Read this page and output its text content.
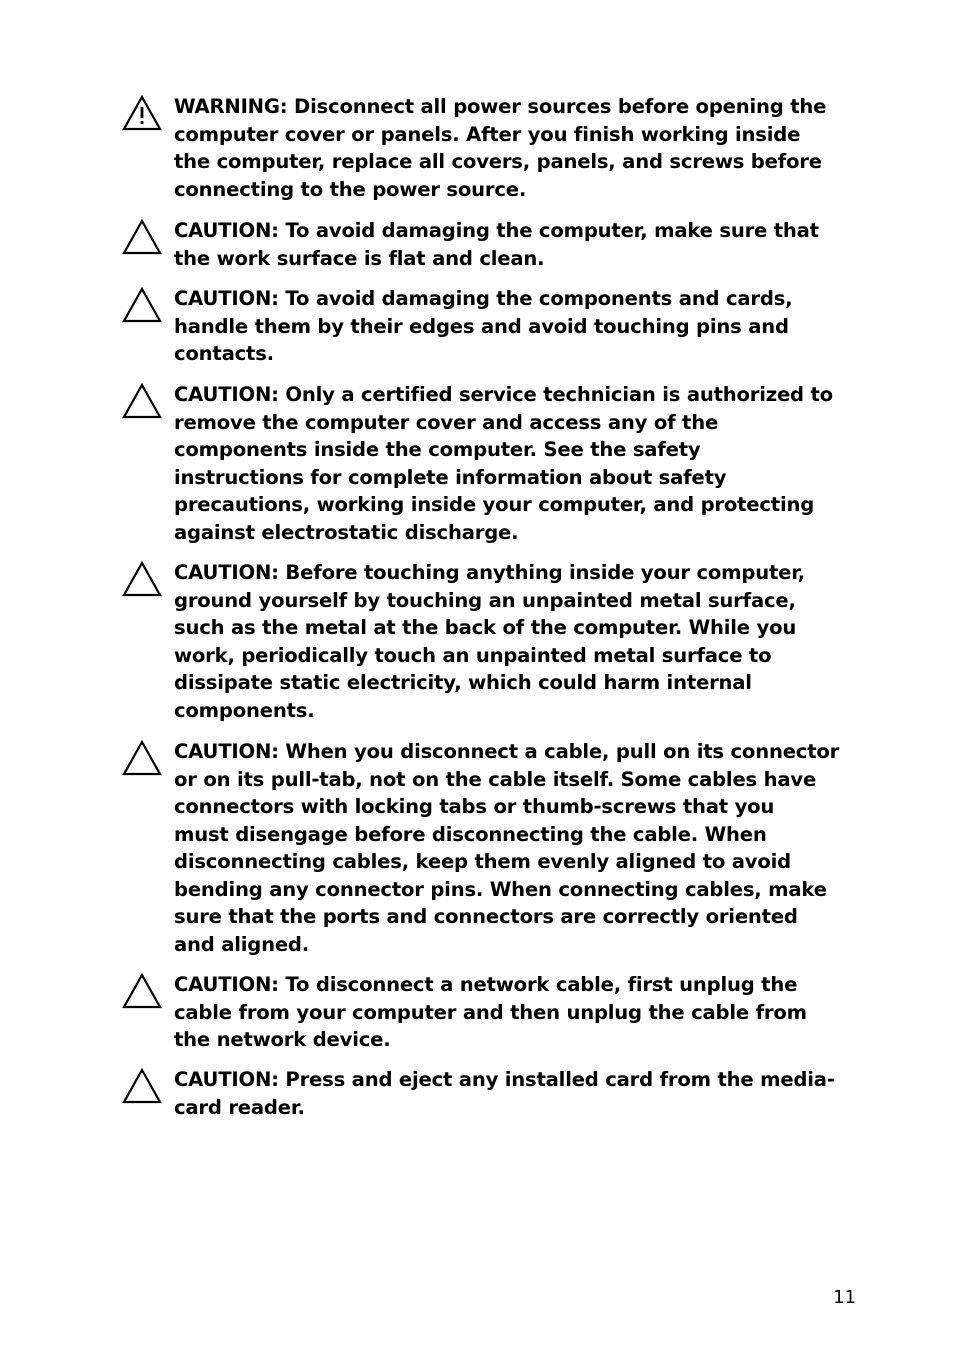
WARNING: Disconnect all power sources before opening the
computer cover or panels. After you finish working inside
the computer, replace all covers, panels, and screws before
connecting to the power source.
CAUTION: To avoid damaging the computer, make sure that
the work surface is flat and clean.
CAUTION: To avoid damaging the components and cards,
handle them by their edges and avoid touching pins and
contacts.
CAUTION: Only a certified service technician is authorized to
remove the computer cover and access any of the
components inside the computer. See the safety
instructions for complete information about safety
precautions, working inside your computer, and protecting
against electrostatic discharge.
CAUTION: Before touching anything inside your computer,
ground yourself by touching an unpainted metal surface,
such as the metal at the back of the computer. While you
work, periodically touch an unpainted metal surface to
dissipate static electricity, which could harm internal
components.
CAUTION: When you disconnect a cable, pull on its connector
or on its pull-tab, not on the cable itself. Some cables have
connectors with locking tabs or thumb-screws that you
must disengage before disconnecting the cable. When
disconnecting cables, keep them evenly aligned to avoid
bending any connector pins. When connecting cables, make
sure that the ports and connectors are correctly oriented
and aligned.
CAUTION: To disconnect a network cable, first unplug the
cable from your computer and then unplug the cable from
the network device.
CAUTION: Press and eject any installed card from the media-
card reader.
11
